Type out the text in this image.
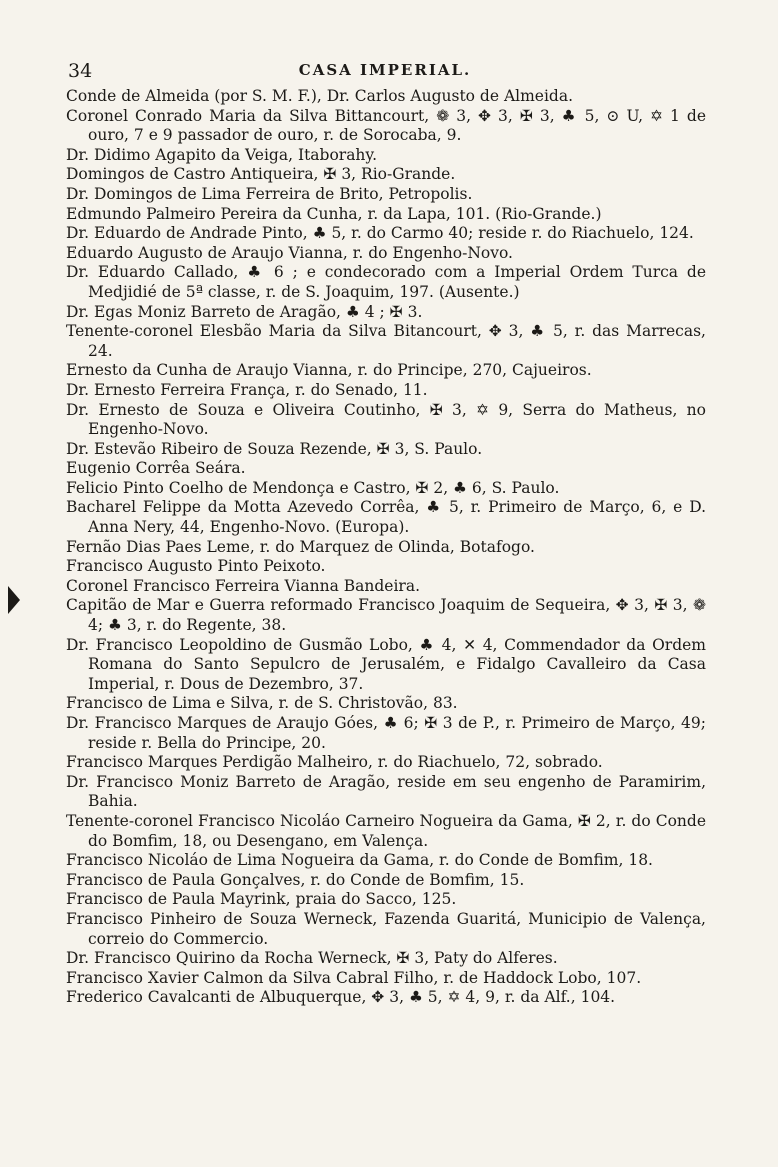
34	CASA IMPERIAL.

Conde de Almeida (por S. M. F.), Dr. Carlos Augusto de Almeida.

Coronel Conrado Maria da Silva Bittancourt, ❁ 3, ✥ 3, ✠ 3, ♣ 5, ⊙ U, ✡ 1 de ouro, 7 e 9 passador de ouro, r. de Sorocaba, 9.

Dr. Didimo Agapito da Veiga, Itaborahy.

Domingos de Castro Antiqueira, ✠ 3, Rio-Grande.

Dr. Domingos de Lima Ferreira de Brito, Petropolis.

Edmundo Palmeiro Pereira da Cunha, r. da Lapa, 101. (Rio-Grande.)

Dr. Eduardo de Andrade Pinto, ♣ 5, r. do Carmo 40; reside r. do Riachuelo, 124.

Eduardo Augusto de Araujo Vianna, r. do Engenho-Novo.

Dr. Eduardo Callado, ♣ 6 ; e condecorado com a Imperial Ordem Turca de Medjidié de 5ª classe, r. de S. Joaquim, 197. (Ausente.)

Dr. Egas Moniz Barreto de Aragão, ♣ 4 ; ✠ 3.

Tenente-coronel Elesbão Maria da Silva Bitancourt, ✥ 3, ♣ 5, r. das Marrecas, 24.

Ernesto da Cunha de Araujo Vianna, r. do Principe, 270, Cajueiros.

Dr. Ernesto Ferreira França, r. do Senado, 11.

Dr. Ernesto de Souza e Oliveira Coutinho, ✠ 3, ✡ 9, Serra do Matheus, no Engenho-Novo.

Dr. Estevão Ribeiro de Souza Rezende, ✠ 3, S. Paulo.

Eugenio Corrêa Seára.

Felicio Pinto Coelho de Mendonça e Castro, ✠ 2, ♣ 6, S. Paulo.

Bacharel Felippe da Motta Azevedo Corrêa, ♣ 5, r. Primeiro de Março, 6, e D. Anna Nery, 44, Engenho-Novo. (Europa).

Fernão Dias Paes Leme, r. do Marquez de Olinda, Botafogo.

Francisco Augusto Pinto Peixoto.

Coronel Francisco Ferreira Vianna Bandeira.

Capitão de Mar e Guerra reformado Francisco Joaquim de Sequeira, ✥ 3, ✠ 3, ❁ 4; ♣ 3, r. do Regente, 38.

Dr. Francisco Leopoldino de Gusmão Lobo, ♣ 4, ✕ 4, Commendador da Ordem Romana do Santo Sepulcro de Jerusalém, e Fidalgo Cavalleiro da Casa Imperial, r. Dous de Dezembro, 37.

Francisco de Lima e Silva, r. de S. Christovão, 83.

Dr. Francisco Marques de Araujo Góes, ♣ 6; ✠ 3 de P., r. Primeiro de Março, 49; reside r. Bella do Principe, 20.

Francisco Marques Perdigão Malheiro, r. do Riachuelo, 72, sobrado.

Dr. Francisco Moniz Barreto de Aragão, reside em seu engenho de Paramirim, Bahia.

Tenente-coronel Francisco Nicoláo Carneiro Nogueira da Gama, ✠ 2, r. do Conde do Bomfim, 18, ou Desengano, em Valença.

Francisco Nicoláo de Lima Nogueira da Gama, r. do Conde de Bomfim, 18.

Francisco de Paula Gonçalves, r. do Conde de Bomfim, 15.

Francisco de Paula Mayrink, praia do Sacco, 125.

Francisco Pinheiro de Souza Werneck, Fazenda Guaritá, Municipio de Valença, correio do Commercio.

Dr. Francisco Quirino da Rocha Werneck, ✠ 3, Paty do Alferes.

Francisco Xavier Calmon da Silva Cabral Filho, r. de Haddock Lobo, 107.

Frederico Cavalcanti de Albuquerque, ✥ 3, ♣ 5, ✡ 4, 9, r. da Alf., 104.
